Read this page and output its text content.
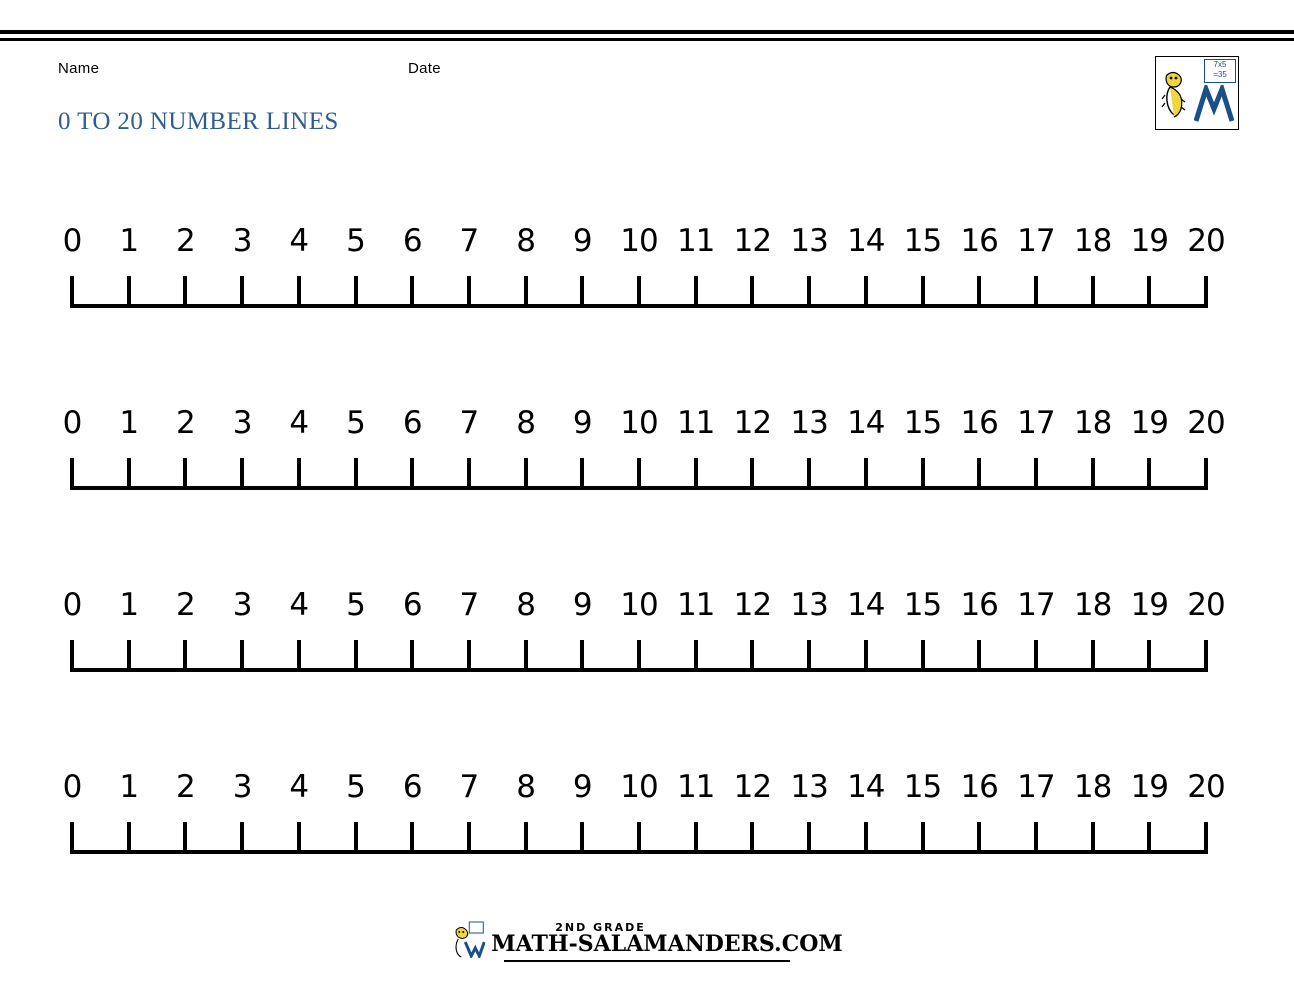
Name	Date
0 TO 20 NUMBER LINES
7x5
=35
0 1 2 3 4 5 6 7 8 9 10 11 12 13 14 15 16 17 18 19 20
0 1 2 3 4 5 6 7 8 9 10 11 12 13 14 15 16 17 18 19 20
0 1 2 3 4 5 6 7 8 9 10 11 12 13 14 15 16 17 18 19 20
0 1 2 3 4 5 6 7 8 9 10 11 12 13 14 15 16 17 18 19 20
2ND GRADE
MATH-SALAMANDERS.COM
